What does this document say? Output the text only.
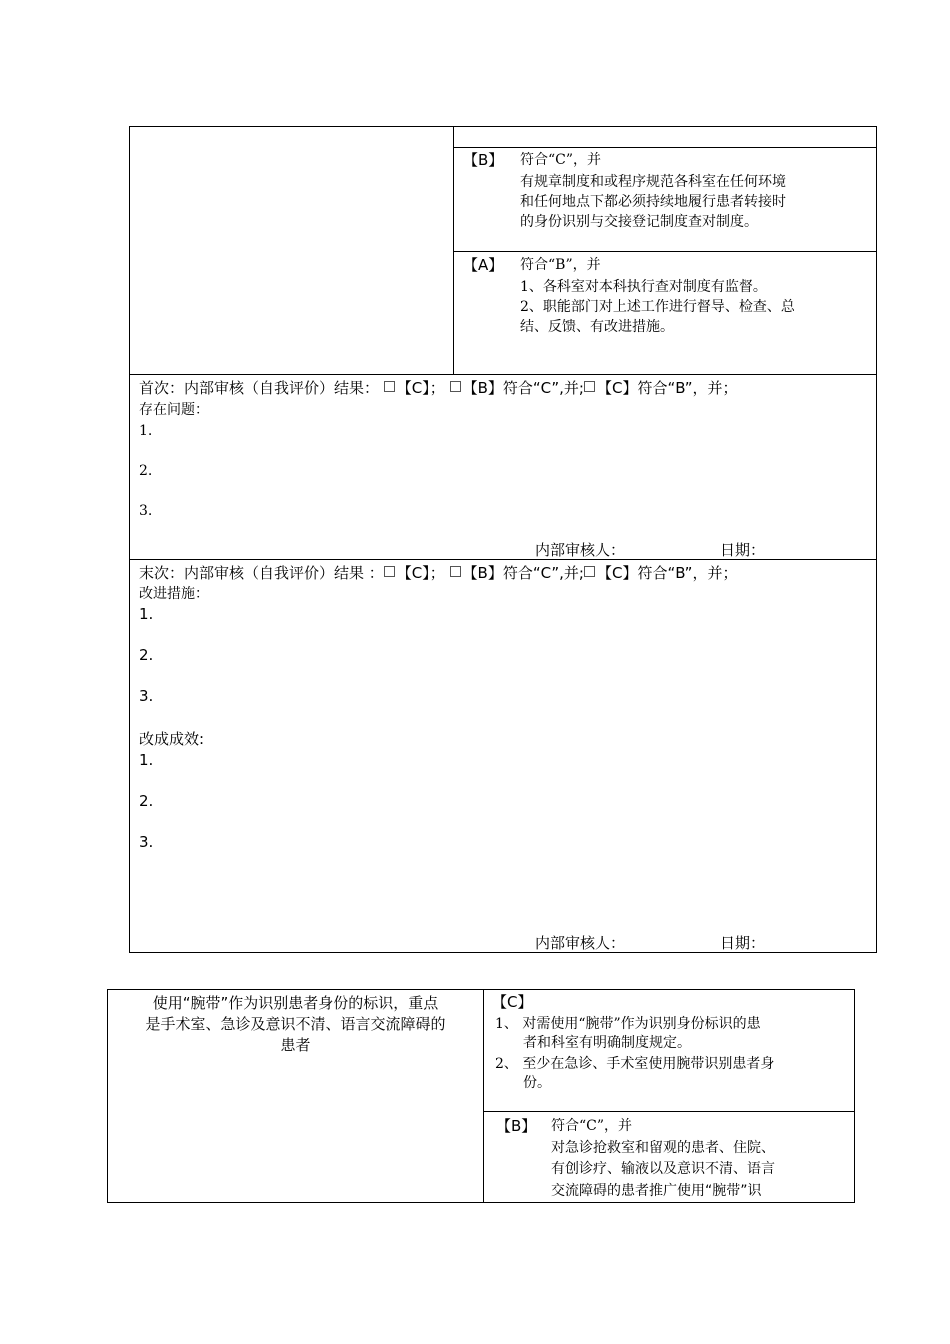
【B】 符合“C”，并
有规章制度和或程序规范各科室在任何环境
和任何地点下都必须持续地履行患者转接时
的身份识别与交接登记制度查对制度。
【A】 符合“B”，并
1、各科室对本科执行查对制度有监督。
2、职能部门对上述工作进行督导、检查、总
结、反馈、有改进措施。
首次：内部审核（自我评价）结果： 【C】； 【B】符合“C”,并; 【C】符合“B”，并；
存在问题：
1.
2.
3.
内部审核人：	日期：
末次：内部审核（自我评价）结果 ： 【C】； 【B】符合“C”,并; 【C】符合“B”，并；
改进措施：
1.
2.
3.
改成成效:
1.
2.
3.
内部审核人：	日期：
使用“腕带”作为识别患者身份的标识，重点
是手术室、急诊及意识不清、语言交流障碍的
患者
【C】
1、 对需使用“腕带”作为识别身份标识的患
者和科室有明确制度规定。
2、 至少在急诊、手术室使用腕带识别患者身
份。
【B】 符合“C”，并
对急诊抢救室和留观的患者、住院、
有创诊疗、输液以及意识不清、语言
交流障碍的患者推广使用“腕带”识
